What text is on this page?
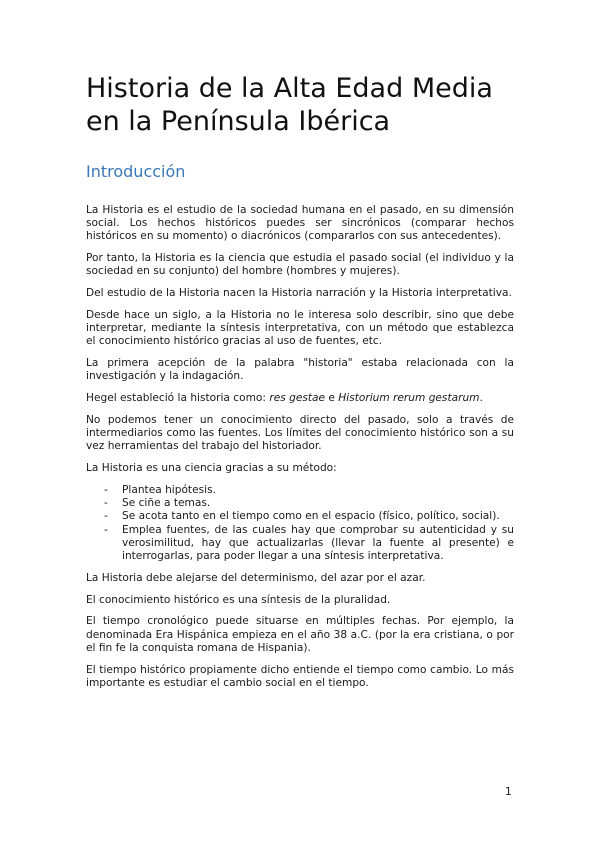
Historia de la Alta Edad Media
en la Península Ibérica
Introducción

La Historia es el estudio de la sociedad humana en el pasado, en su dimensión social. Los hechos históricos puedes ser sincrónicos (comparar hechos históricos en su momento) o diacrónicos (compararlos con sus antecedentes).

Por tanto, la Historia es la ciencia que estudia el pasado social (el individuo y la sociedad en su conjunto) del hombre (hombres y mujeres).

Del estudio de la Historia nacen la Historia narración y la Historia interpretativa.

Desde hace un siglo, a la Historia no le interesa solo describir, sino que debe interpretar, mediante la síntesis interpretativa, con un método que establezca el conocimiento histórico gracias al uso de fuentes, etc.

La primera acepción de la palabra "historia" estaba relacionada con la investigación y la indagación.

Hegel estableció la historia como: res gestae e Historium rerum gestarum.

No podemos tener un conocimiento directo del pasado, solo a través de intermediarios como las fuentes. Los límites del conocimiento histórico son a su vez herramientas del trabajo del historiador.

La Historia es una ciencia gracias a su método:

- Plantea hipótesis.
- Se ciñe a temas.
- Se acota tanto en el tiempo como en el espacio (físico, político, social).
- Emplea fuentes, de las cuales hay que comprobar su autenticidad y su verosimilitud, hay que actualizarlas (llevar la fuente al presente) e interrogarlas, para poder llegar a una síntesis interpretativa.

La Historia debe alejarse del determinismo, del azar por el azar.

El conocimiento histórico es una síntesis de la pluralidad.

El tiempo cronológico puede situarse en múltiples fechas. Por ejemplo, la denominada Era Hispánica empieza en el año 38 a.C. (por la era cristiana, o por el fin fe la conquista romana de Hispania).

El tiempo histórico propiamente dicho entiende el tiempo como cambio. Lo más importante es estudiar el cambio social en el tiempo.

1
